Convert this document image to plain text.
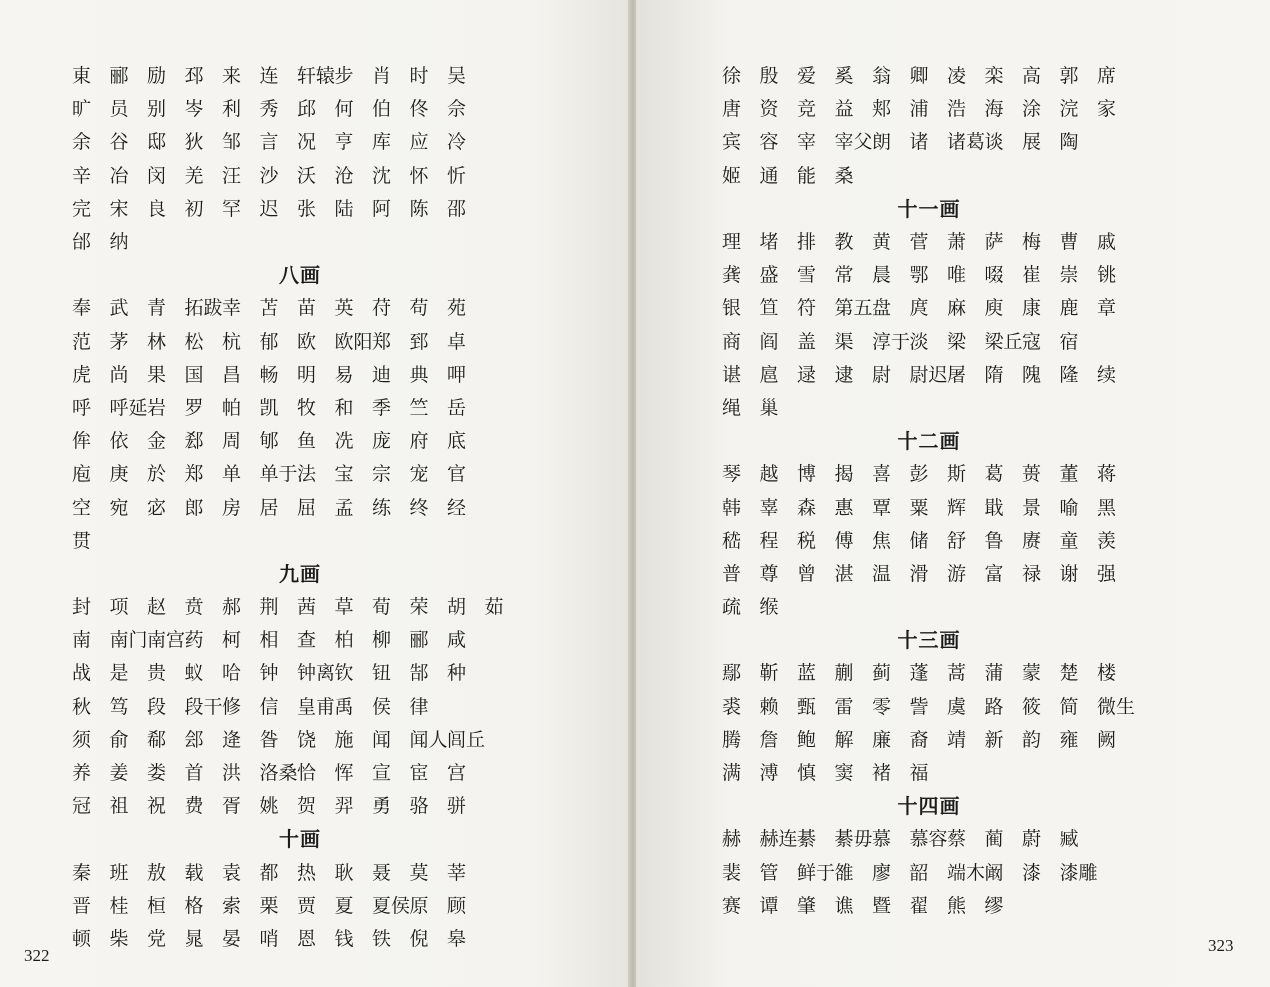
東 郦 励 邳 来 连 轩辕 步 肖 时 吴
旷 员 别 岑 利 秀 邱 何 伯 佟 佘
余 谷 邸 狄 邹 言 况 亨 库 应 冷
辛 冶 闵 羌 汪 沙 沃 沧 沈 怀 忻
完 宋 良 初 罕 迟 张 陆 阿 陈 邵
邰 纳
八画
奉 武 青 拓跋 幸 苫 苗 英 苻 苟 苑
范 茅 林 松 杭 郁 欧 欧阳 郑 郅 卓
虎 尚 果 国 昌 畅 明 易 迪 典 呷
呼 呼延 岩 罗 帕 凯 牧 和 季 竺 岳
侔 依 金 郄 周 郇 鱼 冼 庞 府 底
庖 庚 於 郑 单 单于 法 宝 宗 宠 官
空 宛 宓 郎 房 居 屈 孟 练 终 经
贯
九画
封 项 赵 贲 郝 荆 茜 草 荀 荣 胡 茹
南 南门 南宫 药 柯 相 查 柏 柳 郦 咸
战 是 贵 蚁 哈 钟 钟离 钦 钮 郜 种
秋 笃 段 段干 修 信 皇甫 禹 侯 律
须 俞 郗 郐 逄 昝 饶 施 闻 闻人 闾丘
养 姜 娄 首 洪 洛桑 恰 恽 宣 宦 宫
冠 祖 祝 费 胥 姚 贺 羿 勇 骆 骈
十画
秦 班 敖 载 袁 都 热 耿 聂 莫 莘
晋 桂 桓 格 索 栗 贾 夏 夏侯 原 顾
顿 柴 党 晁 晏 哨 恩 钱 铁 倪 皋
322
徐 殷 爱 奚 翁 卿 凌 栾 高 郭 席
唐 资 竞 益 郏 浦 浩 海 涂 浣 家
宾 容 宰 宰父 朗 诸 诸葛 谈 展 陶
姬 通 能 桑
十一画
理 堵 排 教 黄 菅 萧 萨 梅 曹 戚
龚 盛 雪 常 晨 鄂 唯 啜 崔 崇 铫
银 笪 符 第五 盘 庹 麻 庾 康 鹿 章
商 阎 盖 渠 淳于 淡 梁 梁丘 寇 宿
谌 扈 逯 逮 尉 尉迟 屠 隋 隗 隆 续
绳 巢
十二画
琴 越 博 揭 喜 彭 斯 葛 蒉 董 蒋
韩 辜 森 惠 覃 粟 辉 戢 景 喻 黑
嵇 程 税 傅 焦 储 舒 鲁 赓 童 羡
普 尊 曾 湛 温 滑 游 富 禄 谢 强
疏 缑
十三画
鄢 靳 蓝 蒯 蓟 蓬 蒿 蒲 蒙 楚 楼
裘 赖 甄 雷 零 訾 虞 路 筱 简 微生
腾 詹 鲍 解 廉 裔 靖 新 韵 雍 阙
满 溥 慎 窦 褚 福
十四画
赫 赫连 綦 綦毋 慕 慕容 蔡 蔺 蔚 臧
裴 管 鲜于 雒 廖 韶 端木 阚 漆 漆雕
赛 谭 肇 谯 暨 翟 熊 缪
323
